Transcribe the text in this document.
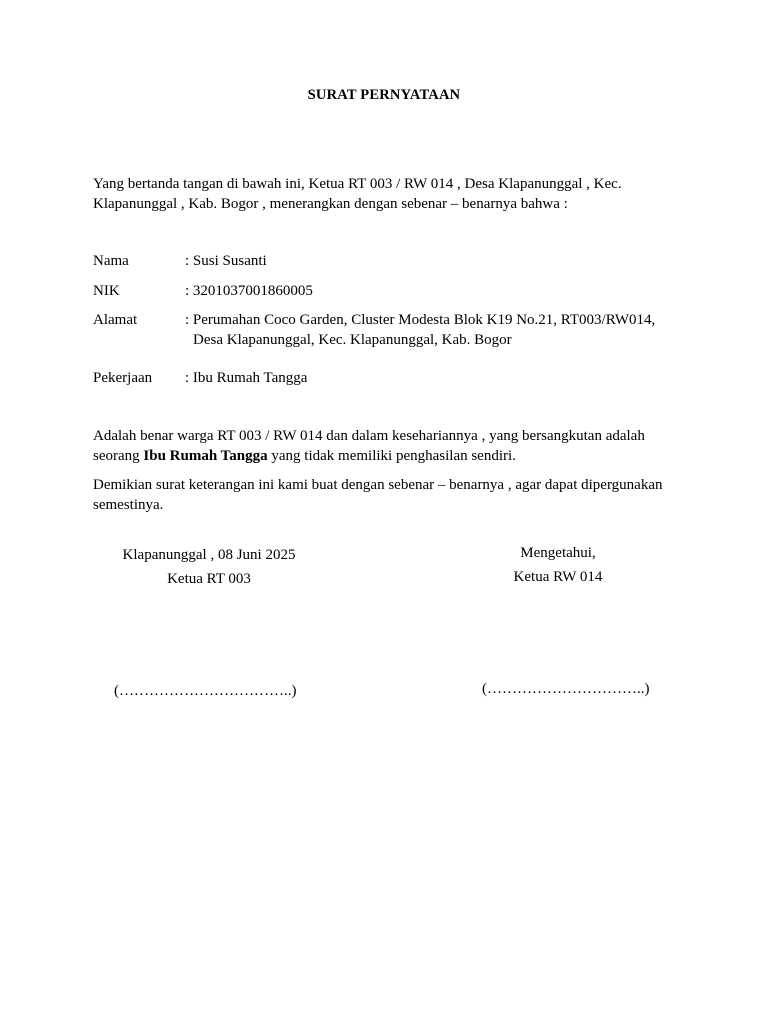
SURAT PERNYATAAN

Yang bertanda tangan di bawah ini, Ketua RT 003 / RW 014 , Desa Klapanunggal , Kec. Klapanunggal , Kab. Bogor , menerangkan dengan sebenar – benarnya bahwa :

Nama	: Susi Susanti
NIK	: 3201037001860005
Alamat	: Perumahan Coco Garden, Cluster Modesta Blok K19 No.21, RT003/RW014,
Desa Klapanunggal, Kec. Klapanunggal, Kab. Bogor
Pekerjaan : Ibu Rumah Tangga

Adalah benar warga RT 003 / RW 014 dan dalam kesehariannya , yang bersangkutan adalah seorang Ibu Rumah Tangga yang tidak memiliki penghasilan sendiri.

Demikian surat keterangan ini kami buat dengan sebenar – benarnya , agar dapat dipergunakan semestinya.

Klapanunggal , 08 Juni 2025
Ketua RT 003
Mengetahui,
Ketua RW 014
(……………………………..)	(…………………………..)
